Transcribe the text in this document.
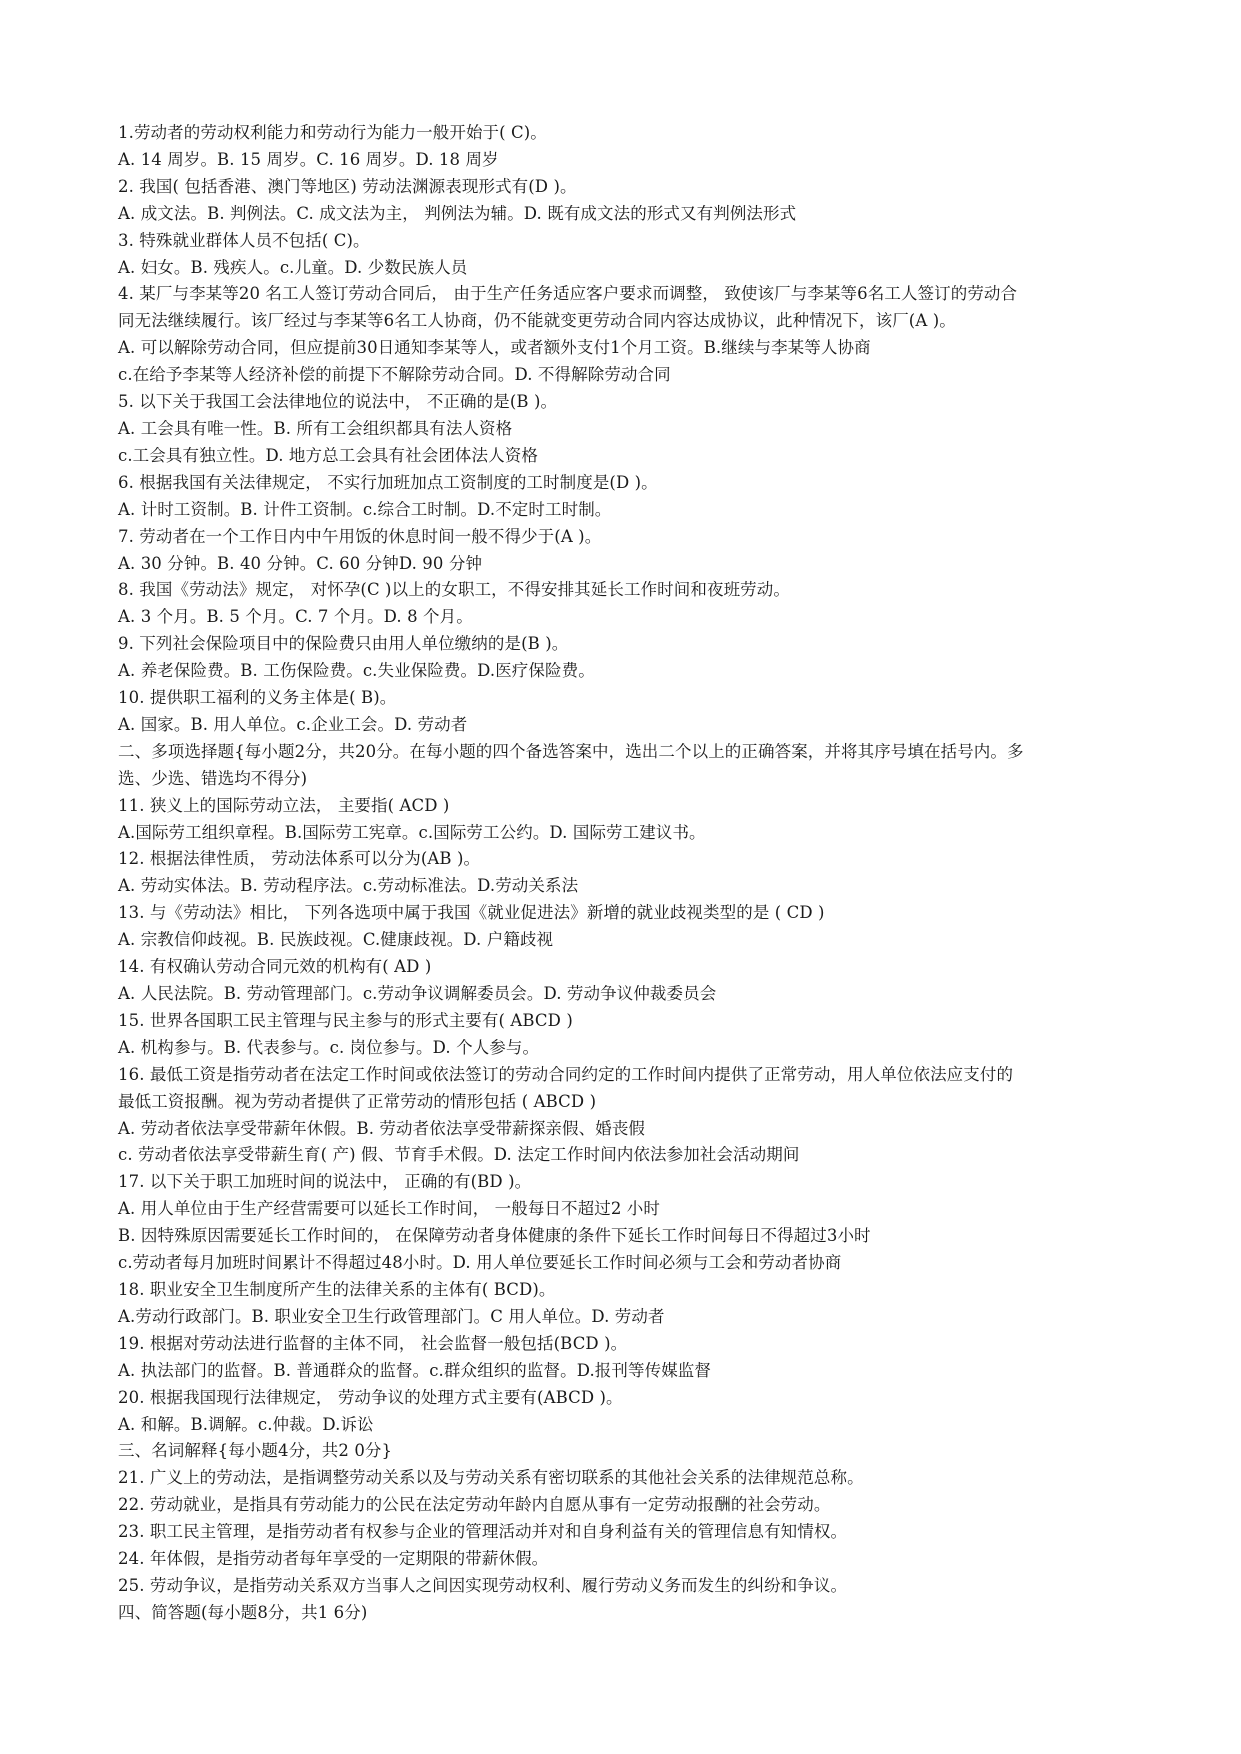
1.劳动者的劳动权利能力和劳动行为能力一般开始于( C)。
A. 14 周岁。B. 15 周岁。C. 16 周岁。D. 18 周岁
2. 我国( 包括香港、澳门等地区) 劳动法渊源表现形式有(D )。
A. 成文法。B. 判例法。C. 成文法为主， 判例法为辅。D. 既有成文法的形式又有判例法形式
3. 特殊就业群体人员不包括( C)。
A. 妇女。B. 残疾人。c.儿童。D. 少数民族人员
4. 某厂与李某等20 名工人签订劳动合同后， 由于生产任务适应客户要求而调整， 致使该厂与李某等6名工人签订的劳动合
同无法继续履行。该厂经过与李某等6名工人协商，仍不能就变更劳动合同内容达成协议，此种情况下，该厂(A )。
A. 可以解除劳动合同，但应提前30日通知李某等人，或者额外支付1个月工资。B.继续与李某等人协商
c.在给予李某等人经济补偿的前提下不解除劳动合同。D. 不得解除劳动合同
5. 以下关于我国工会法律地位的说法中， 不正确的是(B )。
A. 工会具有唯一性。B. 所有工会组织都具有法人资格
c.工会具有独立性。D. 地方总工会具有社会团体法人资格
6. 根据我国有关法律规定， 不实行加班加点工资制度的工时制度是(D )。
A. 计时工资制。B. 计件工资制。c.综合工时制。D.不定时工时制。
7. 劳动者在一个工作日内中午用饭的休息时间一般不得少于(A )。
A. 30 分钟。B. 40 分钟。C. 60 分钟D. 90 分钟
8. 我国《劳动法》规定， 对怀孕(C )以上的女职工，不得安排其延长工作时间和夜班劳动。
A. 3 个月。B. 5 个月。C. 7 个月。D. 8 个月。
9. 下列社会保险项目中的保险费只由用人单位缴纳的是(B )。
A. 养老保险费。B. 工伤保险费。c.失业保险费。D.医疗保险费。
10. 提供职工福利的义务主体是( B)。
A. 国家。B. 用人单位。c.企业工会。D. 劳动者
二、多项选择题{每小题2分，共20分。在每小题的四个备选答案中，选出二个以上的正确答案，并将其序号填在括号内。多
选、少选、错选均不得分)
11. 狭义上的国际劳动立法， 主要指( ACD )
A.国际劳工组织章程。B.国际劳工宪章。c.国际劳工公约。D. 国际劳工建议书。
12. 根据法律性质， 劳动法体系可以分为(AB )。
A. 劳动实体法。B. 劳动程序法。c.劳动标准法。D.劳动关系法
13. 与《劳动法》相比， 下列各选项中属于我国《就业促进法》新增的就业歧视类型的是 ( CD )
A. 宗教信仰歧视。B. 民族歧视。C.健康歧视。D. 户籍歧视
14. 有权确认劳动合同元效的机构有( AD )
A. 人民法院。B. 劳动管理部门。c.劳动争议调解委员会。D. 劳动争议仲裁委员会
15. 世界各国职工民主管理与民主参与的形式主要有( ABCD )
A. 机构参与。B. 代表参与。c. 岗位参与。D. 个人参与。
16. 最低工资是指劳动者在法定工作时间或依法签订的劳动合同约定的工作时间内提供了正常劳动，用人单位依法应支付的
最低工资报酬。视为劳动者提供了正常劳动的情形包括 ( ABCD )
A. 劳动者依法享受带薪年休假。B. 劳动者依法享受带薪探亲假、婚丧假
c. 劳动者依法享受带薪生育( 产) 假、节育手术假。D. 法定工作时间内依法参加社会活动期间
17. 以下关于职工加班时间的说法中， 正确的有(BD )。
A. 用人单位由于生产经营需要可以延长工作时间， 一般每日不超过2 小时
B. 因特殊原因需要延长工作时间的， 在保障劳动者身体健康的条件下延长工作时间每日不得超过3小时
c.劳动者每月加班时间累计不得超过48小时。D. 用人单位要延长工作时间必须与工会和劳动者协商
18. 职业安全卫生制度所产生的法律关系的主体有( BCD)。
A.劳动行政部门。B. 职业安全卫生行政管理部门。C 用人单位。D. 劳动者
19. 根据对劳动法进行监督的主体不同， 社会监督一般包括(BCD )。
A. 执法部门的监督。B. 普通群众的监督。c.群众组织的监督。D.报刊等传媒监督
20. 根据我国现行法律规定， 劳动争议的处理方式主要有(ABCD )。
A. 和解。B.调解。c.仲裁。D.诉讼
三、名词解释{每小题4分，共2 0分}
21. 广义上的劳动法，是指调整劳动关系以及与劳动关系有密切联系的其他社会关系的法律规范总称。
22. 劳动就业，是指具有劳动能力的公民在法定劳动年龄内自愿从事有一定劳动报酬的社会劳动。
23. 职工民主管理，是指劳动者有权参与企业的管理活动并对和自身利益有关的管理信息有知情权。
24. 年体假，是指劳动者每年享受的一定期限的带薪休假。
25. 劳动争议，是指劳动关系双方当事人之间因实现劳动权利、履行劳动义务而发生的纠纷和争议。
四、简答题(每小题8分，共1 6分)
